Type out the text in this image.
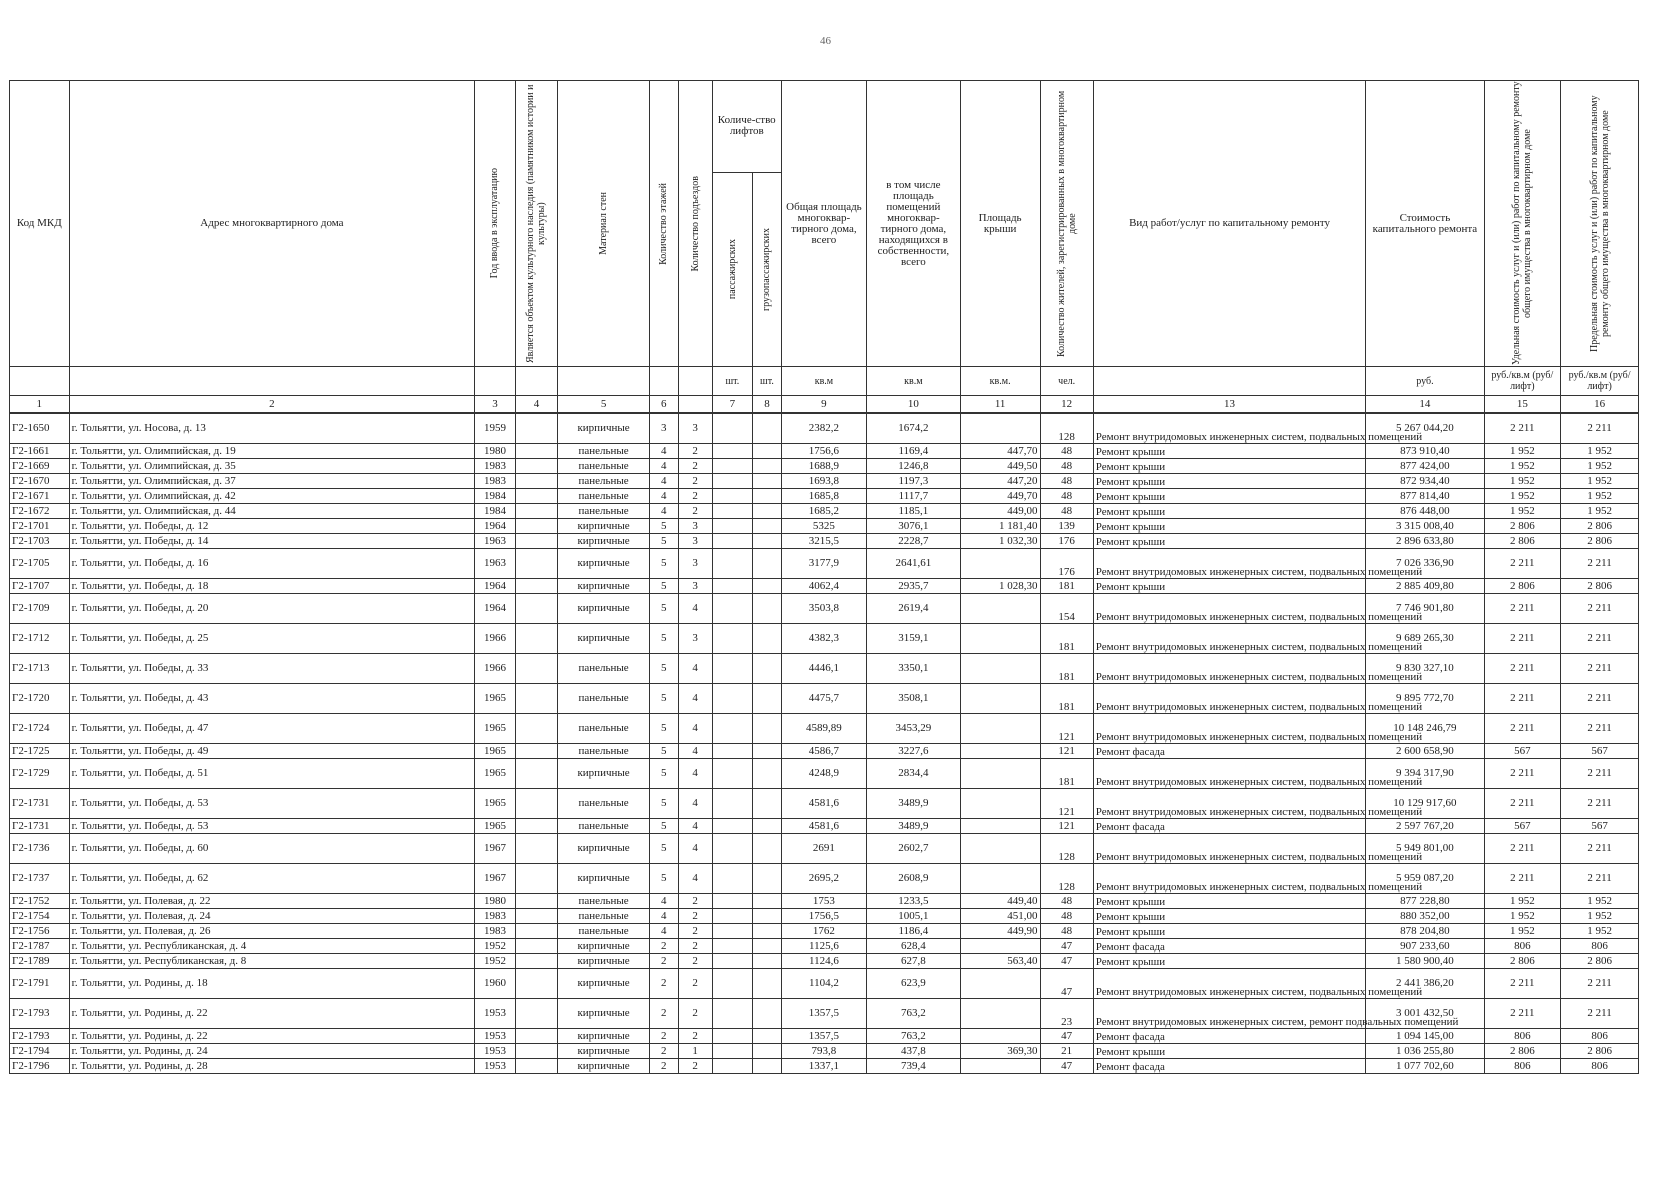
46
Код МКД	Адрес многоквартирного дома	Год ввода в эксплуатацию	Является объектом культурного наследия (памятником истории и культуры)	Материал стен	Количество этажей	Количество подъездов	Количе-ство лифтов		Общая площадь многоквар-тирного дома, всего	в том числе площадь помещений многоквар-тирного дома, находящихся в собственности, всего	Площадь крыши	Количество жителей, зарегистрированных в многоквартирном доме	Вид работ/услуг по капитальному ремонту	Стоимость капитального ремонта	Удельная стоимость услуг и (или) работ по капитальному ремонту общего имущества в многоквартирном доме	Предельная стоимость услуг и (или) работ по капитальному ремонту общего имущества в многоквартирном доме

							пассажирских	грузопассажирских								

							шт.	шт.	кв.м	кв.м	кв.м.	чел.		руб.	руб./кв.м (руб/лифт)	руб./кв.м (руб/лифт)
1	2	3	4	5	6		7	8	9	10	11	12	13	14	15	16
Г2-1650	г. Тольятти, ул. Носова, д. 13	1959		кирпичные	3	3			2382,2	1674,2		128	Ремонт внутридомовых инженерных систем, подвальных помещений	5 267 044,20	2 211	2 211
Г2-1661	г. Тольятти, ул. Олимпийская, д. 19	1980		панельные	4	2			1756,6	1169,4	447,70	48	Ремонт крыши	873 910,40	1 952	1 952
Г2-1669	г. Тольятти, ул. Олимпийская, д. 35	1983		панельные	4	2			1688,9	1246,8	449,50	48	Ремонт крыши	877 424,00	1 952	1 952
Г2-1670	г. Тольятти, ул. Олимпийская, д. 37	1983		панельные	4	2			1693,8	1197,3	447,20	48	Ремонт крыши	872 934,40	1 952	1 952
Г2-1671	г. Тольятти, ул. Олимпийская, д. 42	1984		панельные	4	2			1685,8	1117,7	449,70	48	Ремонт крыши	877 814,40	1 952	1 952
Г2-1672	г. Тольятти, ул. Олимпийская, д. 44	1984		панельные	4	2			1685,2	1185,1	449,00	48	Ремонт крыши	876 448,00	1 952	1 952
Г2-1701	г. Тольятти, ул. Победы, д. 12	1964		кирпичные	5	3			5325	3076,1	1 181,40	139	Ремонт крыши	3 315 008,40	2 806	2 806
Г2-1703	г. Тольятти, ул. Победы, д. 14	1963		кирпичные	5	3			3215,5	2228,7	1 032,30	176	Ремонт крыши	2 896 633,80	2 806	2 806
Г2-1705	г. Тольятти, ул. Победы, д. 16	1963		кирпичные	5	3			3177,9	2641,61		176	Ремонт внутридомовых инженерных систем, подвальных помещений	7 026 336,90	2 211	2 211
Г2-1707	г. Тольятти, ул. Победы, д. 18	1964		кирпичные	5	3			4062,4	2935,7	1 028,30	181	Ремонт крыши	2 885 409,80	2 806	2 806
Г2-1709	г. Тольятти, ул. Победы, д. 20	1964		кирпичные	5	4			3503,8	2619,4		154	Ремонт внутридомовых инженерных систем, подвальных помещений	7 746 901,80	2 211	2 211
Г2-1712	г. Тольятти, ул. Победы, д. 25	1966		кирпичные	5	3			4382,3	3159,1		181	Ремонт внутридомовых инженерных систем, подвальных помещений	9 689 265,30	2 211	2 211
Г2-1713	г. Тольятти, ул. Победы, д. 33	1966		панельные	5	4			4446,1	3350,1		181	Ремонт внутридомовых инженерных систем, подвальных помещений	9 830 327,10	2 211	2 211
Г2-1720	г. Тольятти, ул. Победы, д. 43	1965		панельные	5	4			4475,7	3508,1		181	Ремонт внутридомовых инженерных систем, подвальных помещений	9 895 772,70	2 211	2 211
Г2-1724	г. Тольятти, ул. Победы, д. 47	1965		панельные	5	4			4589,89	3453,29		121	Ремонт внутридомовых инженерных систем, подвальных помещений	10 148 246,79	2 211	2 211
Г2-1725	г. Тольятти, ул. Победы, д. 49	1965		панельные	5	4			4586,7	3227,6		121	Ремонт фасада	2 600 658,90	567	567
Г2-1729	г. Тольятти, ул. Победы, д. 51	1965		кирпичные	5	4			4248,9	2834,4		181	Ремонт внутридомовых инженерных систем, подвальных помещений	9 394 317,90	2 211	2 211
Г2-1731	г. Тольятти, ул. Победы, д. 53	1965		панельные	5	4			4581,6	3489,9		121	Ремонт внутридомовых инженерных систем, подвальных помещений	10 129 917,60	2 211	2 211
Г2-1731	г. Тольятти, ул. Победы, д. 53	1965		панельные	5	4			4581,6	3489,9		121	Ремонт фасада	2 597 767,20	567	567
Г2-1736	г. Тольятти, ул. Победы, д. 60	1967		кирпичные	5	4			2691	2602,7		128	Ремонт внутридомовых инженерных систем, подвальных помещений	5 949 801,00	2 211	2 211
Г2-1737	г. Тольятти, ул. Победы, д. 62	1967		кирпичные	5	4			2695,2	2608,9		128	Ремонт внутридомовых инженерных систем, подвальных помещений	5 959 087,20	2 211	2 211
Г2-1752	г. Тольятти, ул. Полевая, д. 22	1980		панельные	4	2			1753	1233,5	449,40	48	Ремонт крыши	877 228,80	1 952	1 952
Г2-1754	г. Тольятти, ул. Полевая, д. 24	1983		панельные	4	2			1756,5	1005,1	451,00	48	Ремонт крыши	880 352,00	1 952	1 952
Г2-1756	г. Тольятти, ул. Полевая, д. 26	1983		панельные	4	2			1762	1186,4	449,90	48	Ремонт крыши	878 204,80	1 952	1 952
Г2-1787	г. Тольятти, ул. Республиканская, д. 4	1952		кирпичные	2	2			1125,6	628,4		47	Ремонт фасада	907 233,60	806	806
Г2-1789	г. Тольятти, ул. Республиканская, д. 8	1952		кирпичные	2	2			1124,6	627,8	563,40	47	Ремонт крыши	1 580 900,40	2 806	2 806
Г2-1791	г. Тольятти, ул. Родины, д. 18	1960		кирпичные	2	2			1104,2	623,9		47	Ремонт внутридомовых инженерных систем, подвальных помещений	2 441 386,20	2 211	2 211
Г2-1793	г. Тольятти, ул. Родины, д. 22	1953		кирпичные	2	2			1357,5	763,2		23	Ремонт внутридомовых инженерных систем, ремонт подвальных помещений	3 001 432,50	2 211	2 211
Г2-1793	г. Тольятти, ул. Родины, д. 22	1953		кирпичные	2	2			1357,5	763,2		47	Ремонт фасада	1 094 145,00	806	806
Г2-1794	г. Тольятти, ул. Родины, д. 24	1953		кирпичные	2	1			793,8	437,8	369,30	21	Ремонт крыши	1 036 255,80	2 806	2 806
Г2-1796	г. Тольятти, ул. Родины, д. 28	1953		кирпичные	2	2			1337,1	739,4		47	Ремонт фасада	1 077 702,60	806	806
